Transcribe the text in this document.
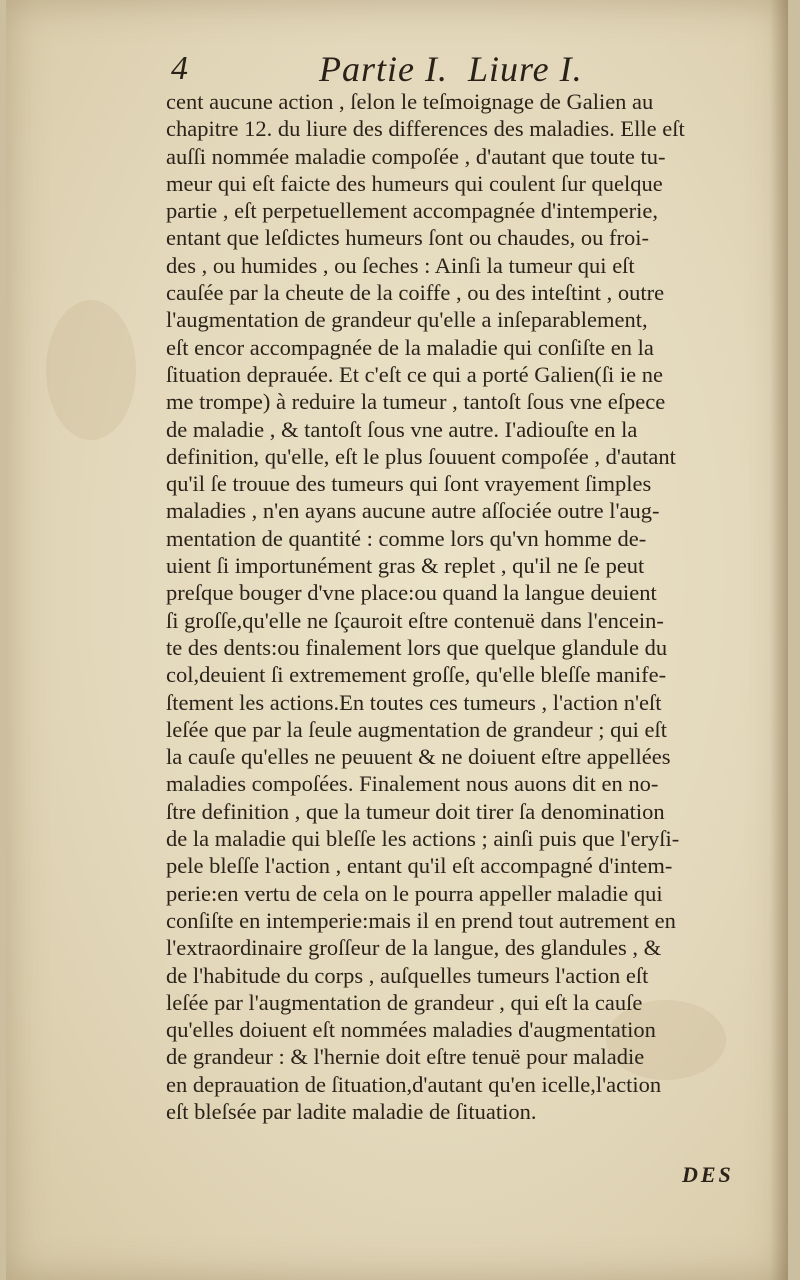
4	Partie I.  Liure I.
cent aucune action , ſelon le teſmoignage de Galien au
chapitre 12. du liure des differences des maladies. Elle eſt
auſſi nommée maladie compoſée , d'autant que toute tu-
meur qui eſt faicte des humeurs qui coulent ſur quelque
partie , eſt perpetuellement accompagnée d'intemperie,
entant que leſdictes humeurs ſont ou chaudes, ou froi-
des , ou humides , ou ſeches : Ainſi la tumeur qui eſt
cauſée par la cheute de la coiffe , ou des inteſtint , outre
l'augmentation de grandeur qu'elle a inſeparablement,
eſt encor accompagnée de la maladie qui conſiſte en la
ſituation deprauée. Et c'eſt ce qui a porté Galien(ſi ie ne
me trompe) à reduire la tumeur , tantoſt ſous vne eſpece
de maladie , & tantoſt ſous vne autre. I'adiouſte en la
definition, qu'elle, eſt le plus ſouuent compoſée , d'autant
qu'il ſe trouue des tumeurs qui ſont vrayement ſimples
maladies , n'en ayans aucune autre aſſociée outre l'aug-
mentation de quantité : comme lors qu'vn homme de-
uient ſi importunément gras & replet , qu'il ne ſe peut
preſque bouger d'vne place:ou quand la langue deuient
ſi groſſe,qu'elle ne ſçauroit eſtre contenuë dans l'encein-
te des dents:ou finalement lors que quelque glandule du
col,deuient ſi extremement groſſe, qu'elle bleſſe manife-
ſtement les actions.En toutes ces tumeurs , l'action n'eſt
leſée que par la ſeule augmentation de grandeur ; qui eſt
la cauſe qu'elles ne peuuent & ne doiuent eſtre appellées
maladies compoſées. Finalement nous auons dit en no-
ſtre definition , que la tumeur doit tirer ſa denomination
de la maladie qui bleſſe les actions ; ainſi puis que l'eryſi-
pele bleſſe l'action , entant qu'il eſt accompagné d'intem-
perie:en vertu de cela on le pourra appeller maladie qui
conſiſte en intemperie:mais il en prend tout autrement en
l'extraordinaire groſſeur de la langue, des glandules , &
de l'habitude du corps , auſquelles tumeurs l'action eſt
leſée par l'augmentation de grandeur , qui eſt la cauſe
qu'elles doiuent eſt nommées maladies d'augmentation
de grandeur : & l'hernie doit eſtre tenuë pour maladie
en deprauation de ſituation,d'autant qu'en icelle,l'action
eſt bleſsée par ladite maladie de ſituation.
DES
